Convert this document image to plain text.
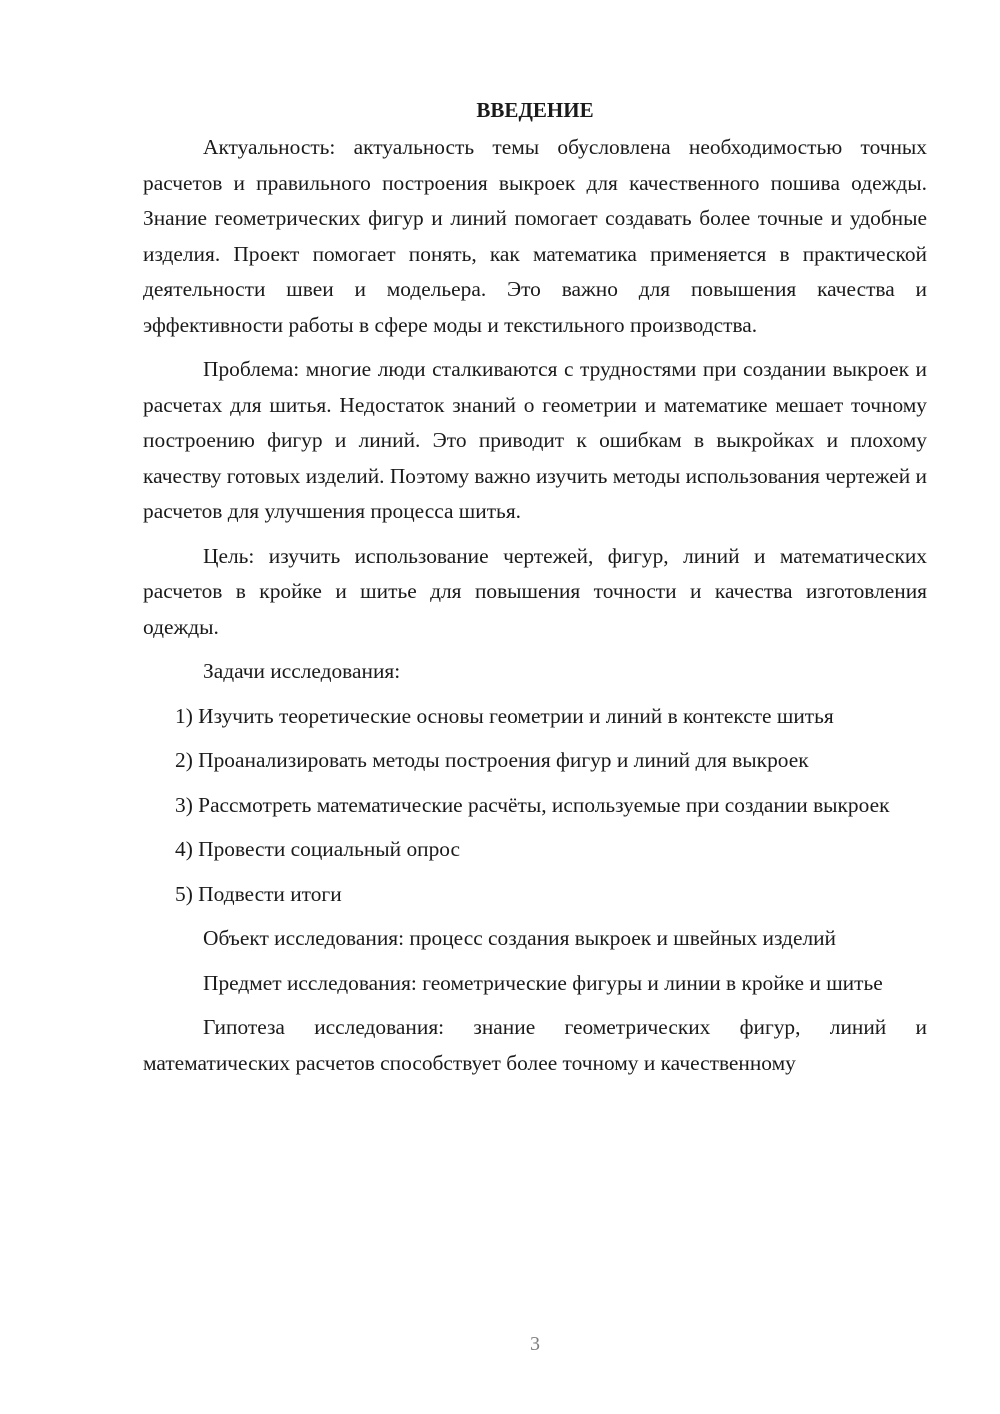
ВВЕДЕНИЕ

Актуальность: актуальность темы обусловлена необходимостью точных расчетов и правильного построения выкроек для качественного пошива одежды. Знание геометрических фигур и линий помогает создавать более точные и удобные изделия. Проект помогает понять, как математика применяется в практической деятельности швеи и модельера. Это важно для повышения качества и эффективности работы в сфере моды и текстильного производства.

Проблема: многие люди сталкиваются с трудностями при создании выкроек и расчетах для шитья. Недостаток знаний о геометрии и математике мешает точному построению фигур и линий. Это приводит к ошибкам в выкройках и плохому качеству готовых изделий. Поэтому важно изучить методы использования чертежей и расчетов для улучшения процесса шитья.

Цель: изучить использование чертежей, фигур, линий и математических расчетов в кройке и шитье для повышения точности и качества изготовления одежды.

Задачи исследования:

1) Изучить теоретические основы геометрии и линий в контексте шитья

2) Проанализировать методы построения фигур и линий для выкроек

3) Рассмотреть математические расчёты, используемые при создании выкроек

4) Провести социальный опрос

5) Подвести итоги

Объект исследования: процесс создания выкроек и швейных изделий

Предмет исследования: геометрические фигуры и линии в кройке и шитье

Гипотеза исследования: знание геометрических фигур, линий и математических расчетов способствует более точному и качественному

3
